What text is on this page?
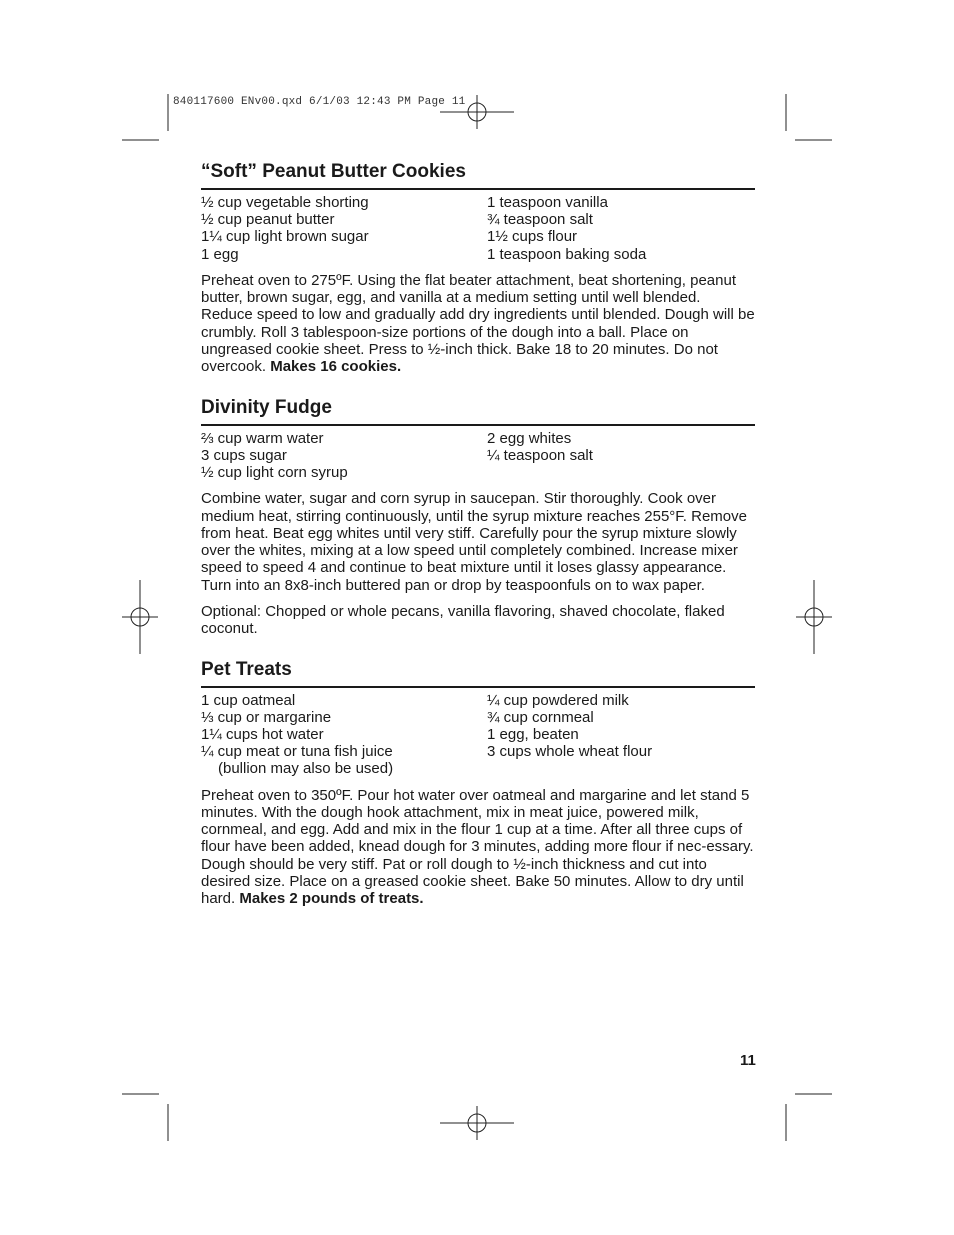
840117600 ENv00.qxd 6/1/03 12:43 PM Page 11
“Soft” Peanut Butter Cookies
½ cup vegetable shorting
½ cup peanut butter
1¼ cup light brown sugar
1 egg
1 teaspoon vanilla
¾ teaspoon salt
1½ cups flour
1 teaspoon baking soda

Preheat oven to 275ºF. Using the flat beater attachment, beat shortening, peanut butter, brown sugar, egg, and vanilla at a medium setting until well blended. Reduce speed to low and gradually add dry ingredients until blended. Dough will be crumbly. Roll 3 tablespoon-size portions of the dough into a ball. Place on ungreased cookie sheet. Press to ½-inch thick. Bake 18 to 20 minutes. Do not overcook. Makes 16 cookies.

Divinity Fudge
⅔ cup warm water
3 cups sugar
½ cup light corn syrup
2 egg whites
¼ teaspoon salt

Combine water, sugar and corn syrup in saucepan. Stir thoroughly. Cook over medium heat, stirring continuously, until the syrup mixture reaches 255°F. Remove from heat. Beat egg whites until very stiff. Carefully pour the syrup mixture slowly over the whites, mixing at a low speed until completely combined. Increase mixer speed to speed 4 and continue to beat mixture until it loses glassy appearance. Turn into an 8x8-inch buttered pan or drop by teaspoonfuls on to wax paper.

Optional: Chopped or whole pecans, vanilla flavoring, shaved chocolate, flaked coconut.

Pet Treats
1 cup oatmeal
⅓ cup or margarine
1¼ cups hot water
¼ cup meat or tuna fish juice
(bullion may also be used)
¼ cup powdered milk
¾ cup cornmeal
1 egg, beaten
3 cups whole wheat flour

Preheat oven to 350ºF. Pour hot water over oatmeal and margarine and let stand 5 minutes. With the dough hook attachment, mix in meat juice, powered milk, cornmeal, and egg. Add and mix in the flour 1 cup at a time. After all three cups of flour have been added, knead dough for 3 minutes, adding more flour if nec-essary. Dough should be very stiff. Pat or roll dough to ½-inch thickness and cut into desired size. Place on a greased cookie sheet. Bake 50 minutes. Allow to dry until hard. Makes 2 pounds of treats.

11
